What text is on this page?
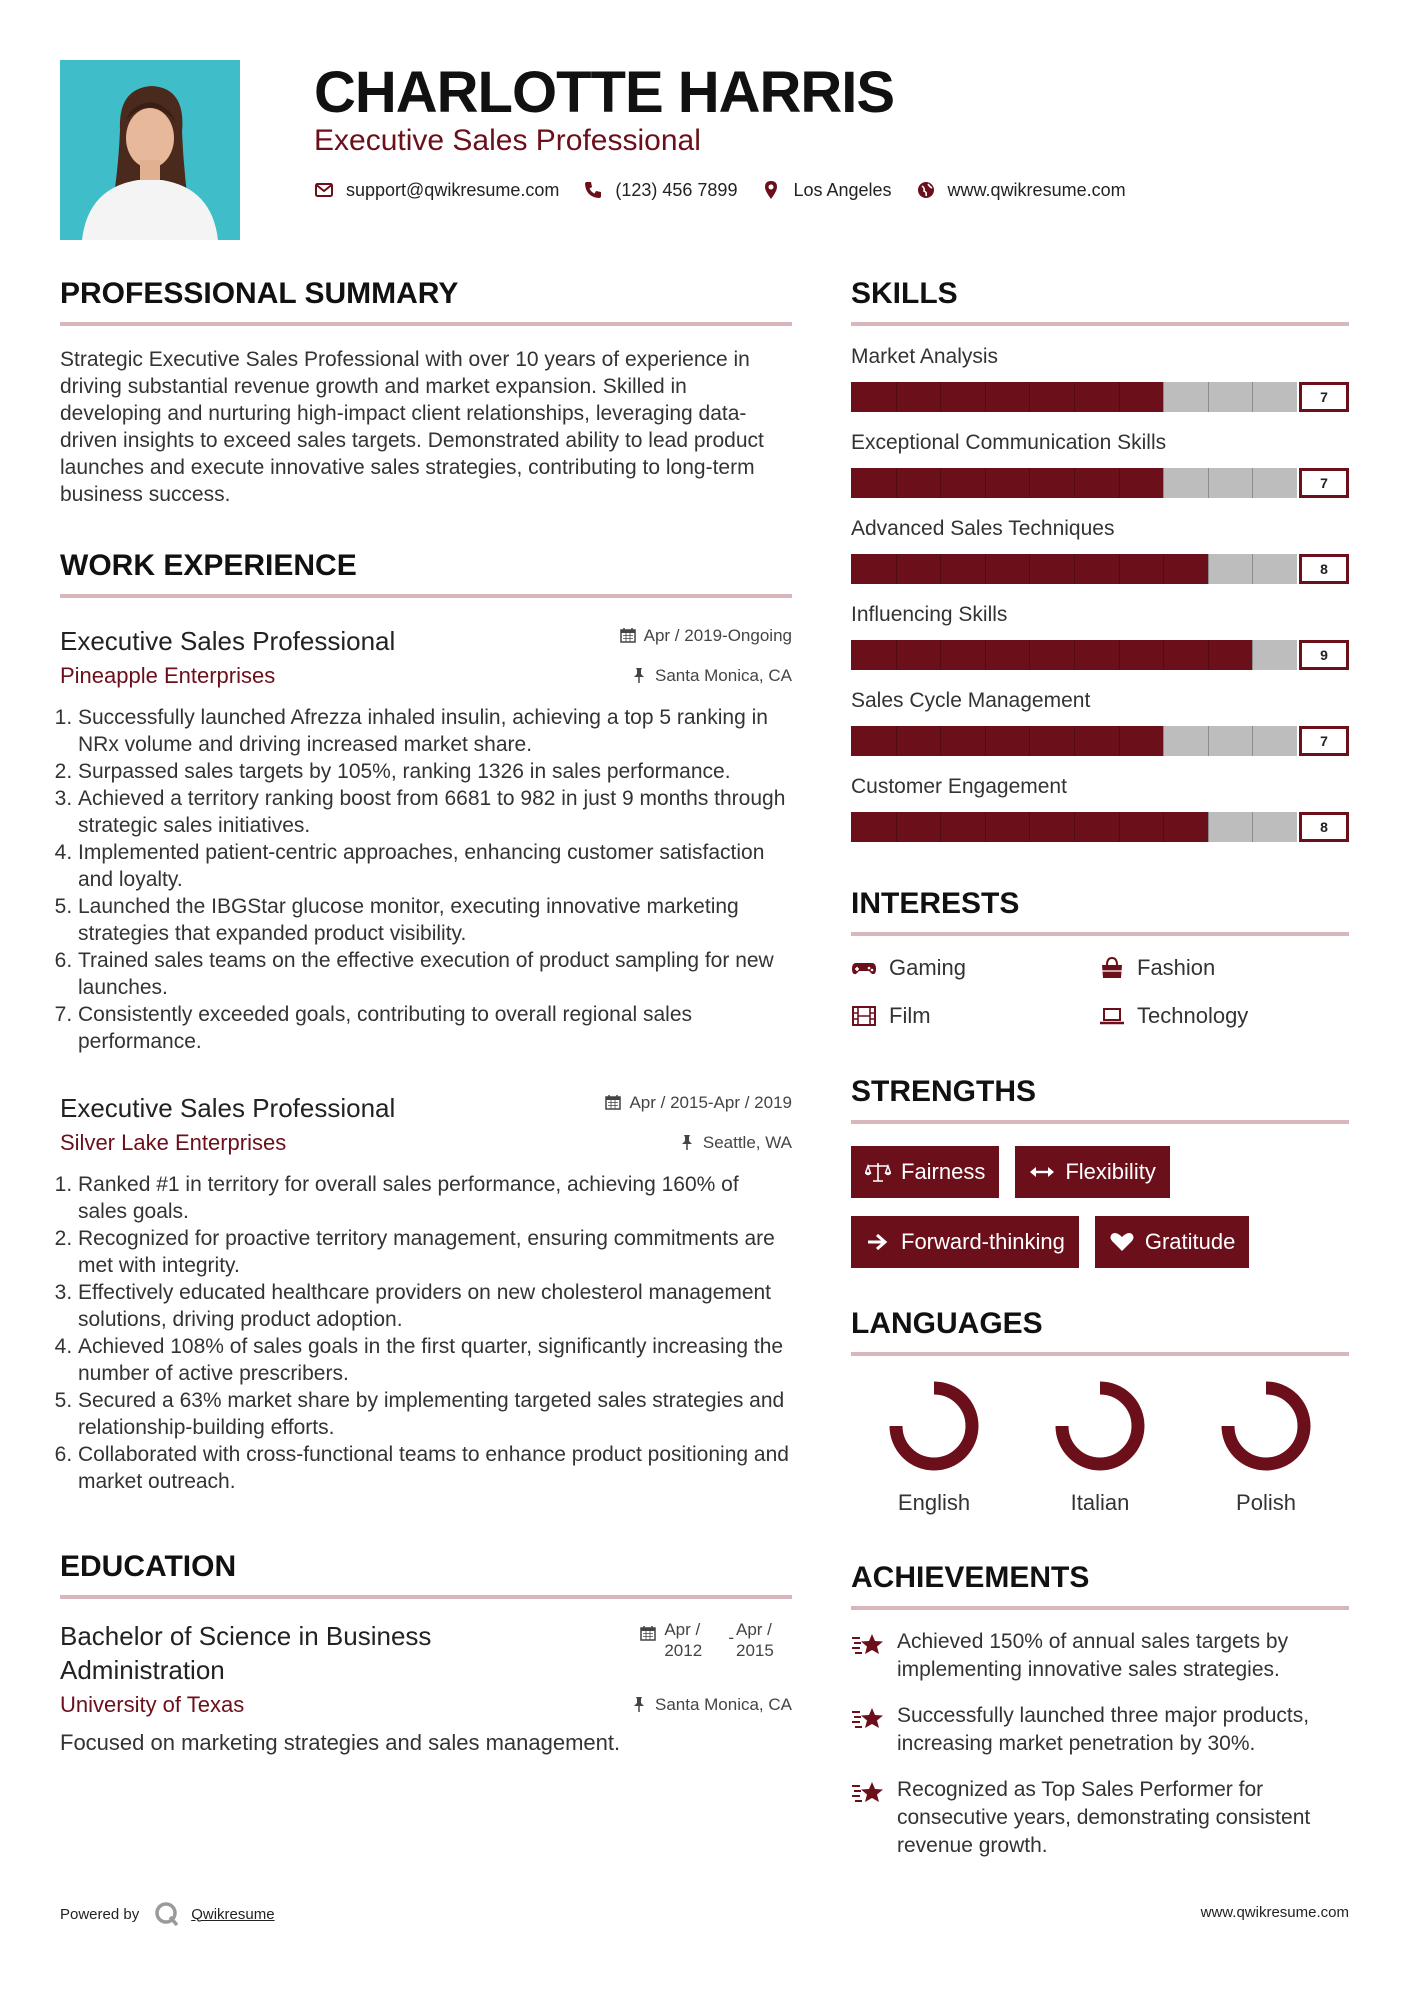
CHARLOTTE HARRIS
Executive Sales Professional
support@qwikresume.com	(123) 456 7899	Los Angeles	www.qwikresume.com
PROFESSIONAL SUMMARY

Strategic Executive Sales Professional with over 10 years of experience in driving substantial revenue growth and market expansion. Skilled in developing and nurturing high-impact client relationships, leveraging data-driven insights to exceed sales targets. Demonstrated ability to lead product launches and execute innovative sales strategies, contributing to long-term business success.

WORK EXPERIENCE
Executive Sales Professional	Apr / 2019-Ongoing
Pineapple Enterprises	Santa Monica, CA
1. Successfully launched Afrezza inhaled insulin, achieving a top 5 ranking in NRx volume and driving increased market share.
2. Surpassed sales targets by 105%, ranking 1326 in sales performance.
3. Achieved a territory ranking boost from 6681 to 982 in just 9 months through strategic sales initiatives.
4. Implemented patient-centric approaches, enhancing customer satisfaction and loyalty.
5. Launched the IBGStar glucose monitor, executing innovative marketing strategies that expanded product visibility.
6. Trained sales teams on the effective execution of product sampling for new launches.
7. Consistently exceeded goals, contributing to overall regional sales performance.
Executive Sales Professional	Apr / 2015-Apr / 2019
Silver Lake Enterprises	Seattle, WA
1. Ranked #1 in territory for overall sales performance, achieving 160% of sales goals.
2. Recognized for proactive territory management, ensuring commitments are met with integrity.
3. Effectively educated healthcare providers on new cholesterol management solutions, driving product adoption.
4. Achieved 108% of sales goals in the first quarter, significantly increasing the number of active prescribers.
5. Secured a 63% market share by implementing targeted sales strategies and relationship-building efforts.
6. Collaborated with cross-functional teams to enhance product positioning and market outreach.
EDUCATION
Bachelor of Science in Business Administration
Apr / 2012
- Apr / 2015
University of Texas	Santa Monica, CA

Focused on marketing strategies and sales management.

SKILLS
Market Analysis
7
Exceptional Communication Skills
7
Advanced Sales Techniques
8
Influencing Skills
9
Sales Cycle Management
7
Customer Engagement
8
INTERESTS
Gaming	Fashion
Film	Technology
STRENGTHS
Fairness	Flexibility
Forward-thinking	Gratitude
LANGUAGES
English	Italian	Polish
ACHIEVEMENTS
Achieved 150% of annual sales targets by implementing innovative sales strategies.
Successfully launched three major products, increasing market penetration by 30%.
Recognized as Top Sales Performer for consecutive years, demonstrating consistent revenue growth.
Powered by	Qwikresume	www.qwikresume.com
